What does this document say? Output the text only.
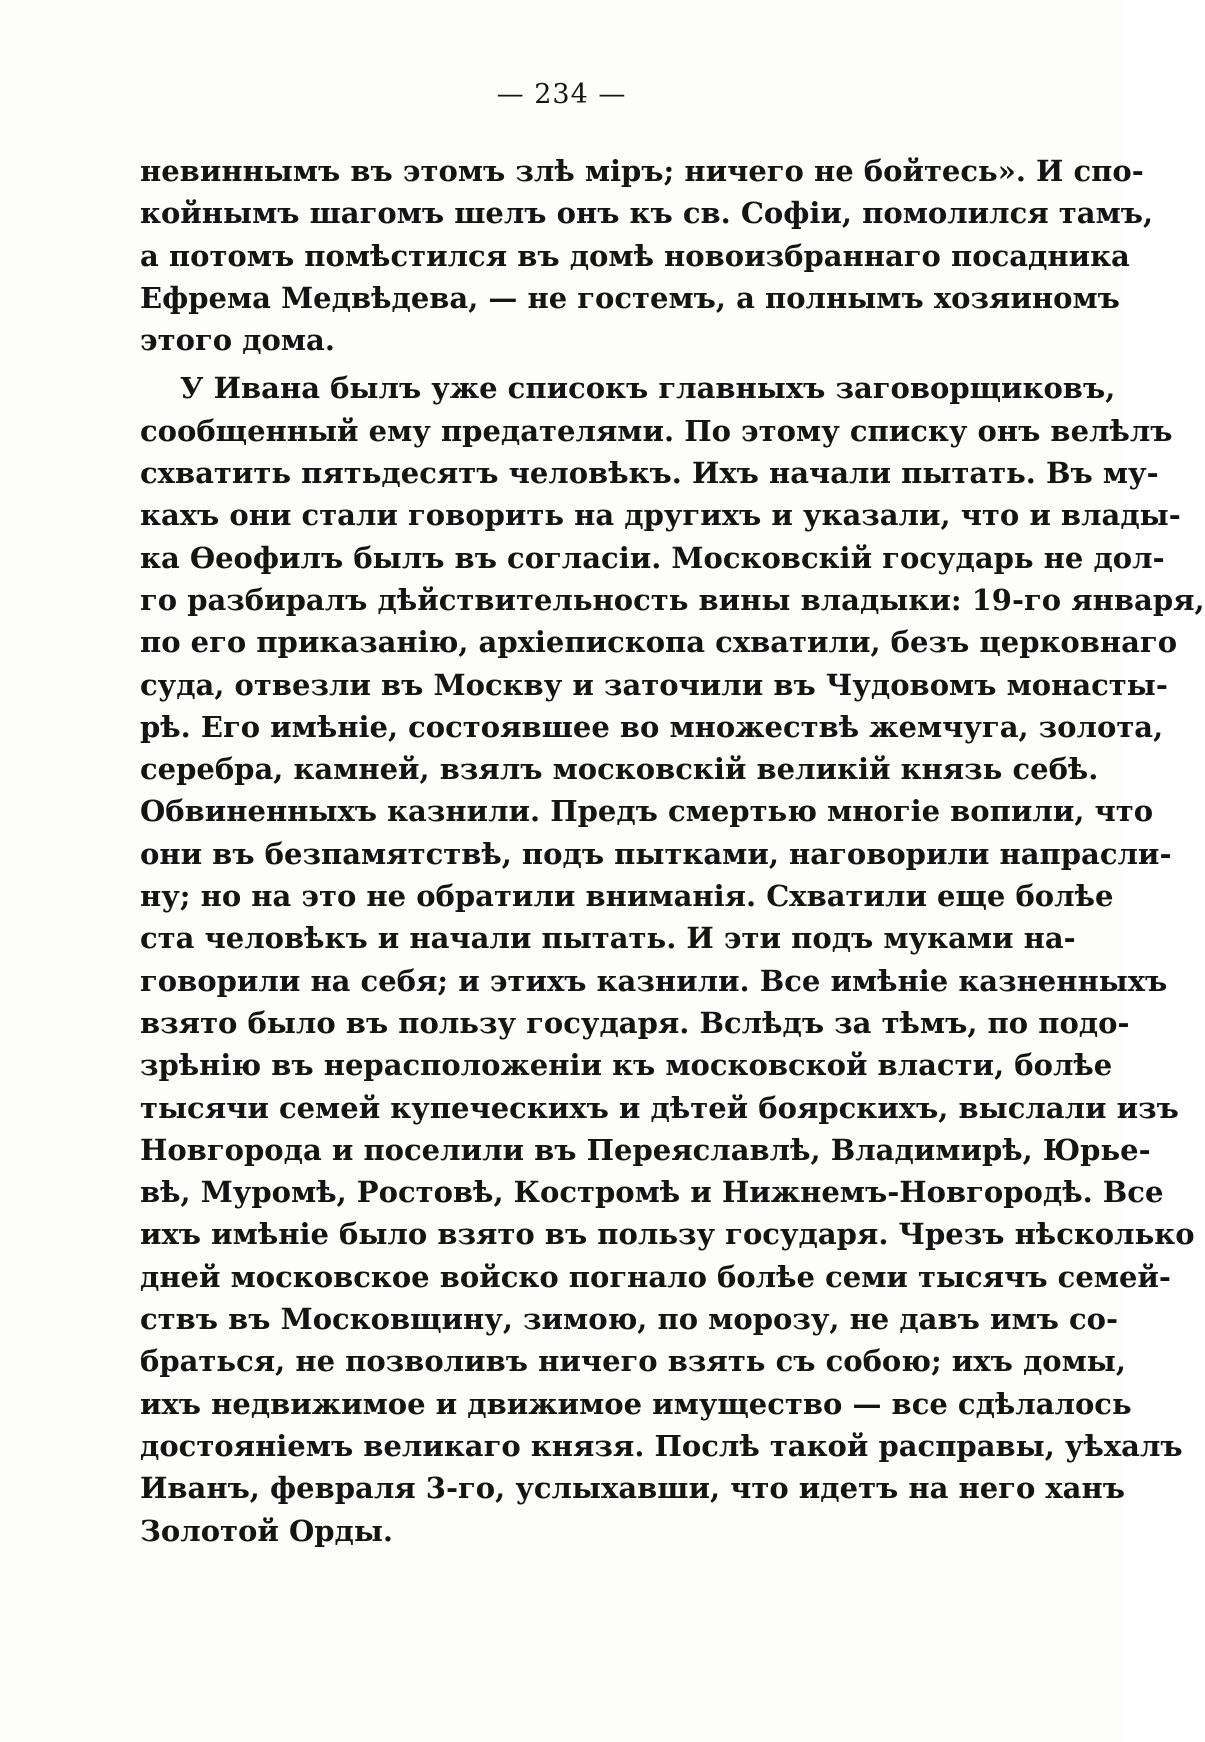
— 234 —

невиннымъ въ этомъ злѣ міръ; ничего не бойтесь». И спо-
койнымъ шагомъ шелъ онъ къ св. Софіи, помолился тамъ,
а потомъ помѣстился въ домѣ новоизбраннаго посадника
Ефрема Медвѣдева, — не гостемъ, а полнымъ хозяиномъ
этого дома.

У Ивана былъ уже списокъ главныхъ заговорщиковъ,
сообщенный ему предателями. По этому списку онъ велѣлъ
схватить пятьдесятъ человѣкъ. Ихъ начали пытать. Въ му-
кахъ они стали говорить на другихъ и указали, что и влады-
ка Ѳеофилъ былъ въ согласіи. Московскій государь не дол-
го разбиралъ дѣйствительность вины владыки: 19-го января,
по его приказанію, архіепископа схватили, безъ церковнаго
суда, отвезли въ Москву и заточили въ Чудовомъ монасты-
рѣ. Его имѣніе, состоявшее во множествѣ жемчуга, золота,
серебра, камней, взялъ московскій великій князь себѣ.
Обвиненныхъ казнили. Предъ смертью многіе вопили, что
они въ безпамятствѣ, подъ пытками, наговорили напрасли-
ну; но на это не обратили вниманія. Схватили еще болѣе
ста человѣкъ и начали пытать. И эти подъ муками на-
говорили на себя; и этихъ казнили. Все имѣніе казненныхъ
взято было въ пользу государя. Вслѣдъ за тѣмъ, по подо-
зрѣнію въ нерасположеніи къ московской власти, болѣе
тысячи семей купеческихъ и дѣтей боярскихъ, выслали изъ
Новгорода и поселили въ Переяславлѣ, Владимирѣ, Юрье-
вѣ, Муромѣ, Ростовѣ, Костромѣ и Нижнемъ-Новгородѣ. Все
ихъ имѣніе было взято въ пользу государя. Чрезъ нѣсколько
дней московское войско погнало болѣе семи тысячъ семей-
ствъ въ Московщину, зимою, по морозу, не давъ имъ со-
браться, не позволивъ ничего взять съ собою; ихъ домы,
ихъ недвижимое и движимое имущество — все сдѣлалось
достояніемъ великаго князя. Послѣ такой расправы, уѣхалъ
Иванъ, февраля 3-го, услыхавши, что идетъ на него ханъ
Золотой Орды.
